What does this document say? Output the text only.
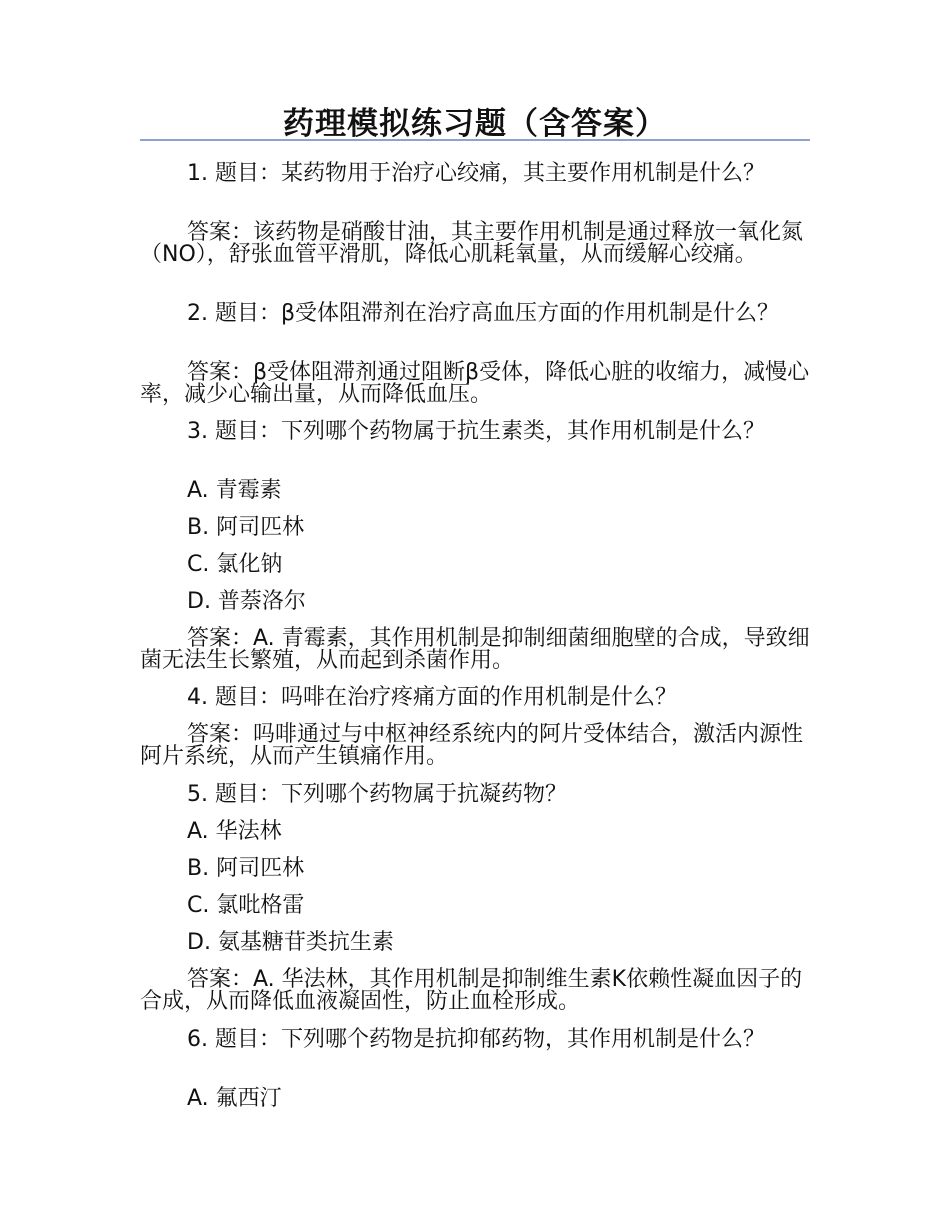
药理模拟练习题（含答案）

1. 题目：某药物用于治疗心绞痛，其主要作用机制是什么？

答案：该药物是硝酸甘油，其主要作用机制是通过释放一氧化氮（NO），舒张血管平滑肌，降低心肌耗氧量，从而缓解心绞痛。

2. 题目：β受体阻滞剂在治疗高血压方面的作用机制是什么？

答案：β受体阻滞剂通过阻断β受体，降低心脏的收缩力，减慢心率，减少心输出量，从而降低血压。

3. 题目：下列哪个药物属于抗生素类，其作用机制是什么？

A. 青霉素

B. 阿司匹林

C. 氯化钠

D. 普萘洛尔

答案：A. 青霉素，其作用机制是抑制细菌细胞壁的合成，导致细菌无法生长繁殖，从而起到杀菌作用。

4. 题目：吗啡在治疗疼痛方面的作用机制是什么？

答案：吗啡通过与中枢神经系统内的阿片受体结合，激活内源性阿片系统，从而产生镇痛作用。

5. 题目：下列哪个药物属于抗凝药物？

A. 华法林

B. 阿司匹林

C. 氯吡格雷

D. 氨基糖苷类抗生素

答案：A. 华法林，其作用机制是抑制维生素K依赖性凝血因子的合成，从而降低血液凝固性，防止血栓形成。

6. 题目：下列哪个药物是抗抑郁药物，其作用机制是什么？

A. 氟西汀
